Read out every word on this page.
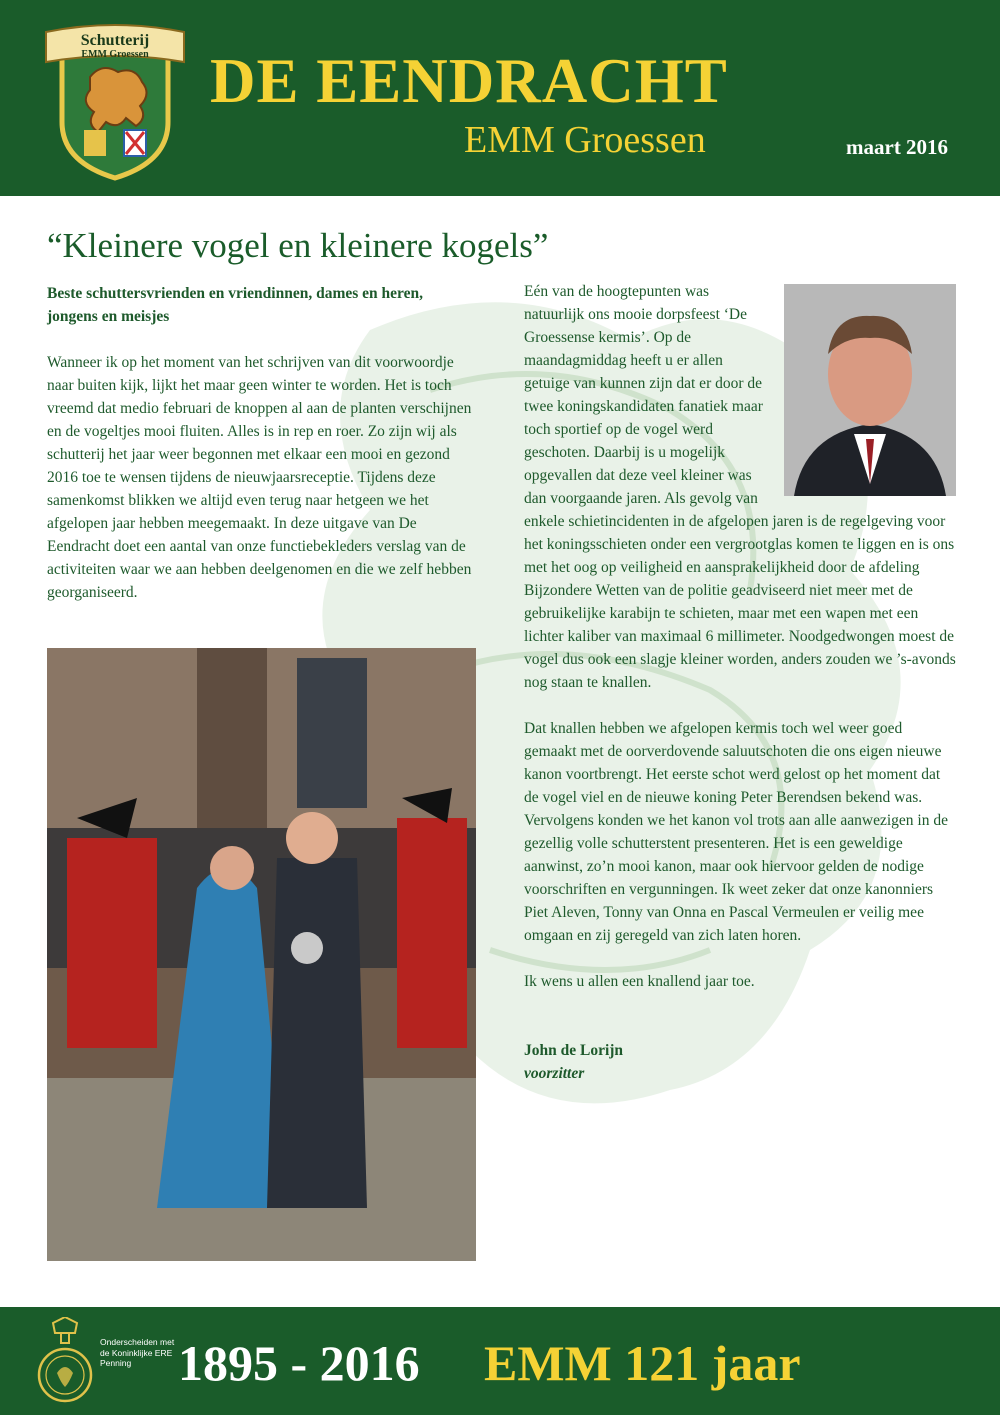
Schutterij
EMM Groessen DE EENDRACHT
EMM Groessen	maart 2016
“Kleinere vogel en kleinere kogels”

Beste schuttersvrienden en vriendinnen, dames en heren, jongens en meisjes

Wanneer ik op het moment van het schrijven van dit voorwoordje naar buiten kijk, lijkt het maar geen winter te worden. Het is toch vreemd dat medio februari de knoppen al aan de planten verschijnen en de vogeltjes mooi fluiten. Alles is in rep en roer. Zo zijn wij als schutterij het jaar weer begonnen met elkaar een mooi en gezond 2016 toe te wensen tijdens de nieuwjaarsreceptie. Tijdens deze samenkomst blikken we altijd even terug naar hetgeen we het afgelopen jaar hebben meegemaakt. In deze uitgave van De Eendracht doet een aantal van onze functiebekleders verslag van de activiteiten waar we aan hebben deelgenomen en die we zelf hebben georganiseerd.

Eén van de hoogtepunten was natuurlijk ons mooie dorpsfeest ‘De Groessense kermis’. Op de maandagmiddag heeft u er allen getuige van kunnen zijn dat er door de twee koningskandidaten fanatiek maar toch sportief op de vogel werd geschoten. Daarbij is u mogelijk opgevallen dat deze veel kleiner was dan voorgaande jaren. Als gevolg van enkele schietincidenten in de afgelopen jaren is de regelgeving voor het koningsschieten onder een vergrootglas komen te liggen en is ons met het oog op veiligheid en aansprakelijkheid door de afdeling Bijzondere Wetten van de politie geadviseerd niet meer met de gebruikelijke karabijn te schieten, maar met een wapen met een lichter kaliber van maximaal 6 millimeter. Noodgedwongen moest de vogel dus ook een slagje kleiner worden, anders zouden we ’s-avonds nog staan te knallen.

Dat knallen hebben we afgelopen kermis toch wel weer goed gemaakt met de oorverdovende saluutschoten die ons eigen nieuwe kanon voortbrengt. Het eerste schot werd gelost op het moment dat de vogel viel en de nieuwe koning Peter Berendsen bekend was. Vervolgens konden we het kanon vol trots aan alle aanwezigen in de gezellig volle schutterstent presenteren. Het is een geweldige aanwinst, zo’n mooi kanon, maar ook hiervoor gelden de nodige voorschriften en vergunningen. Ik weet zeker dat onze kanonniers Piet Aleven, Tonny van Onna en Pascal Vermeulen er veilig mee omgaan en zij geregeld van zich laten horen.

Ik wens u allen een knallend jaar toe.

John de Lorijn
voorzitter

Onderscheiden met de Koninklijke ERE Penning 1895 - 2016 EMM 121 jaar
